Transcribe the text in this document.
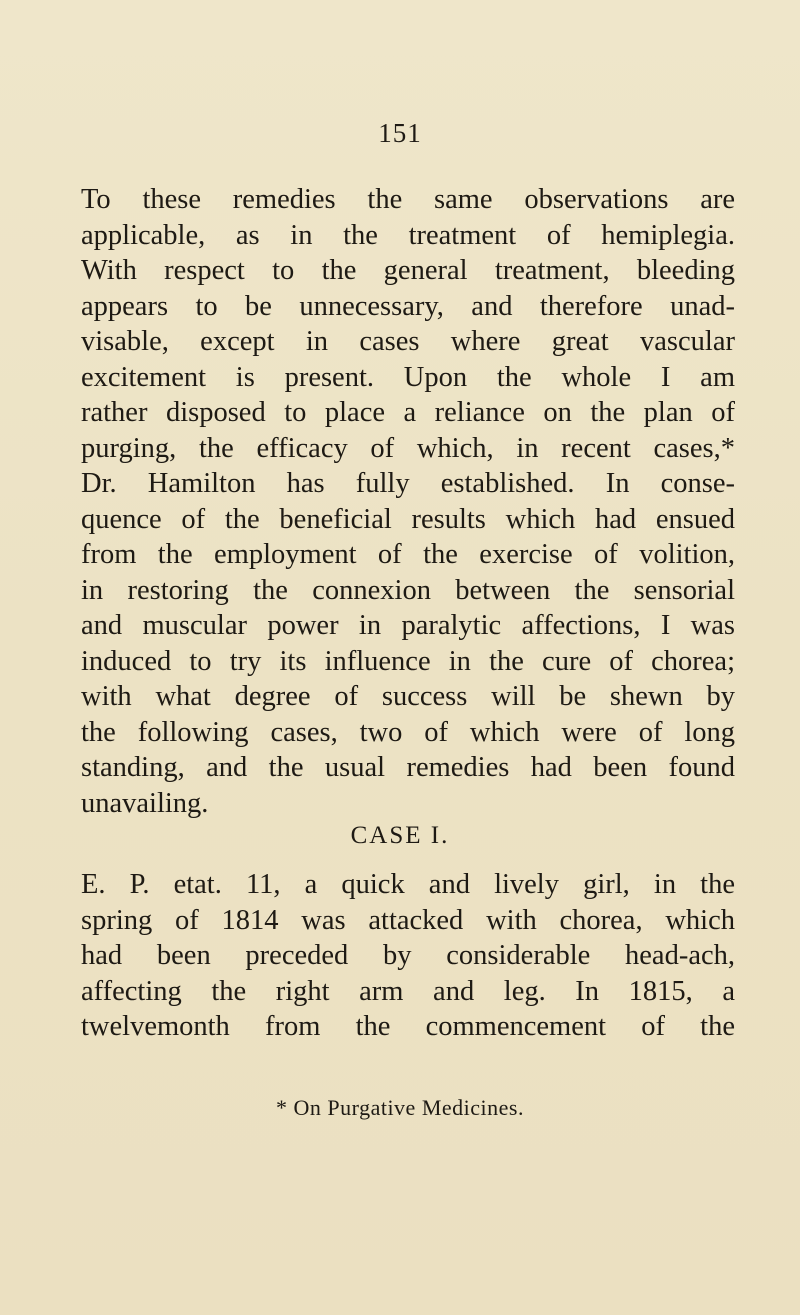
151
To these remedies the same observations are
applicable, as in the treatment of hemiplegia.
With respect to the general treatment, bleeding
appears to be unnecessary, and therefore unad-
visable, except in cases where great vascular
excitement is present. Upon the whole I am
rather disposed to place a reliance on the plan of
purging, the efficacy of which, in recent cases,*
Dr. Hamilton has fully established. In conse-
quence of the beneficial results which had ensued
from the employment of the exercise of volition,
in restoring the connexion between the sensorial
and muscular power in paralytic affections, I was
induced to try its influence in the cure of chorea;
with what degree of success will be shewn by
the following cases, two of which were of long
standing, and the usual remedies had been found
unavailing.
CASE I.
E. P. etat. 11, a quick and lively girl, in the
spring of 1814 was attacked with chorea, which
had been preceded by considerable head-ach,
affecting the right arm and leg. In 1815, a
twelvemonth from the commencement of the
* On Purgative Medicines.
